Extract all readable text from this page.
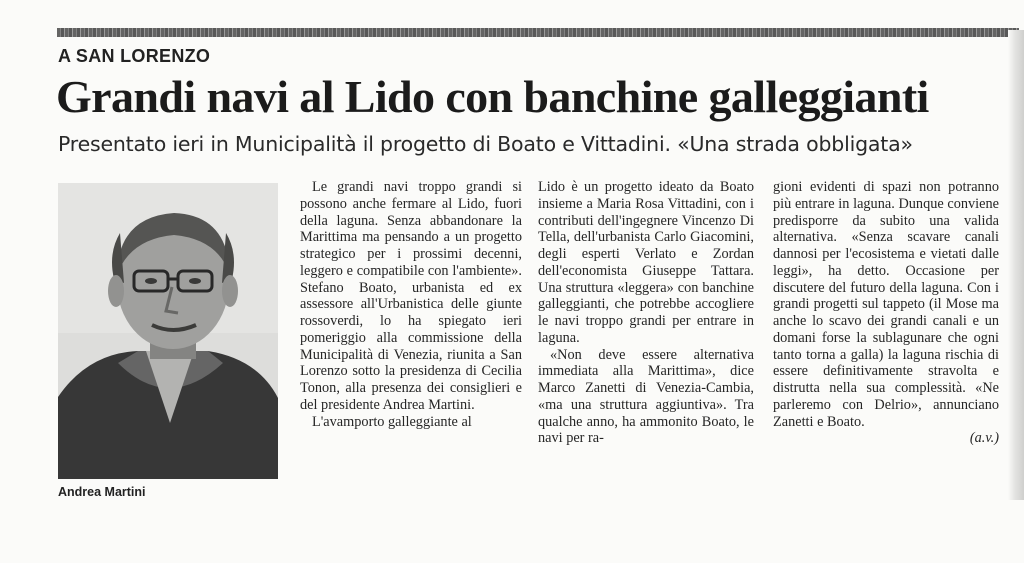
A SAN LORENZO
Grandi navi al Lido con banchine galleggianti
Presentato ieri in Municipalità il progetto di Boato e Vittadini. «Una strada obbligata»
Andrea Martini

Le grandi navi troppo grandi si possono anche fermare al Lido, fuori della laguna. Senza abbandonare la Marittima ma pensando a un progetto strategico per i prossimi decenni, leggero e compatibile con l'ambiente». Stefano Boato, urbanista ed ex assessore all'Urbanistica delle giunte rossoverdi, lo ha spiegato ieri pomeriggio alla commissione della Municipalità di Venezia, riunita a San Lorenzo sotto la presidenza di Cecilia Tonon, alla presenza dei consiglieri e del presidente Andrea Martini.

L'avamporto galleggiante al

Lido è un progetto ideato da Boato insieme a Maria Rosa Vittadini, con i contributi dell'ingegnere Vincenzo Di Tella, dell'urbanista Carlo Giacomini, degli esperti Verlato e Zordan dell'economista Giuseppe Tattara. Una struttura «leggera» con banchine galleggianti, che potrebbe accogliere le navi troppo grandi per entrare in laguna.

«Non deve essere alternativa immediata alla Marittima», dice Marco Zanetti di Venezia-Cambia, «ma una struttura aggiuntiva». Tra qualche anno, ha ammonito Boato, le navi per ra-

gioni evidenti di spazi non potranno più entrare in laguna. Dunque conviene predisporre da subito una valida alternativa. «Senza scavare canali dannosi per l'ecosistema e vietati dalle leggi», ha detto. Occasione per discutere del futuro della laguna. Con i grandi progetti sul tappeto (il Mose ma anche lo scavo dei grandi canali e un domani forse la sublagunare che ogni tanto torna a galla) la laguna rischia di essere definitivamente stravolta e distrutta nella sua complessità. «Ne parleremo con Delrio», annunciano Zanetti e Boato.

(a.v.)
